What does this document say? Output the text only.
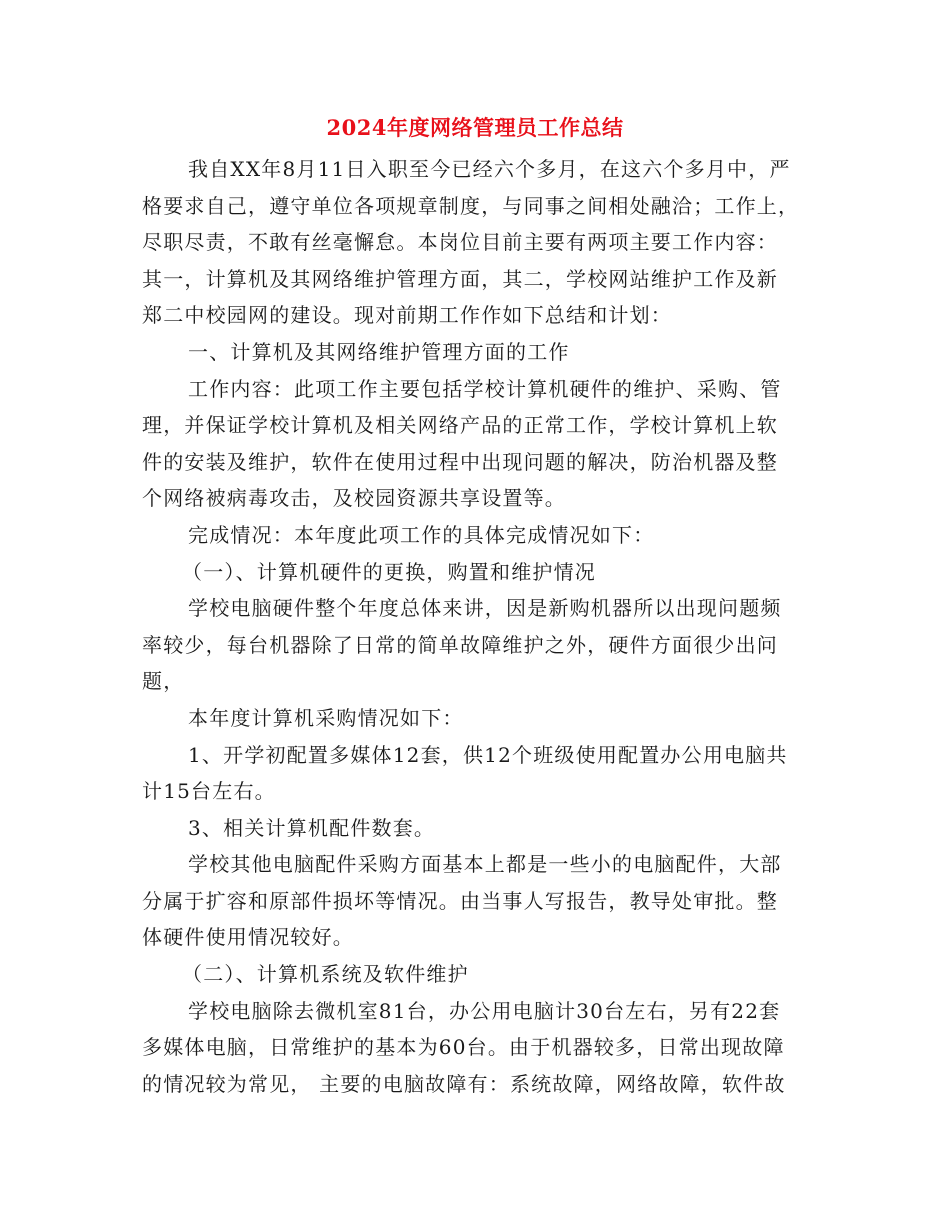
2024年度网络管理员工作总结
我自XX年8月11日入职至今已经六个多月，在这六个多月中，严
格要求自己，遵守单位各项规章制度，与同事之间相处融洽；工作上，
尽职尽责，不敢有丝毫懈怠。本岗位目前主要有两项主要工作内容：
其一，计算机及其网络维护管理方面，其二，学校网站维护工作及新
郑二中校园网的建设。现对前期工作作如下总结和计划：
一、计算机及其网络维护管理方面的工作
工作内容：此项工作主要包括学校计算机硬件的维护、采购、管
理，并保证学校计算机及相关网络产品的正常工作，学校计算机上软
件的安装及维护，软件在使用过程中出现问题的解决，防治机器及整
个网络被病毒攻击，及校园资源共享设置等。
完成情况：本年度此项工作的具体完成情况如下：
（一）、计算机硬件的更换，购置和维护情况
学校电脑硬件整个年度总体来讲，因是新购机器所以出现问题频
率较少，每台机器除了日常的简单故障维护之外，硬件方面很少出问
题，
本年度计算机采购情况如下：
1、开学初配置多媒体12套，供12个班级使用配置办公用电脑共
计15台左右。
3、相关计算机配件数套。
学校其他电脑配件采购方面基本上都是一些小的电脑配件，大部
分属于扩容和原部件损坏等情况。由当事人写报告，教导处审批。整
体硬件使用情况较好。
（二）、计算机系统及软件维护
学校电脑除去微机室81台，办公用电脑计30台左右，另有22套
多媒体电脑，日常维护的基本为60台。由于机器较多，日常出现故障
的情况较为常见， 主要的电脑故障有：系统故障，网络故障，软件故
